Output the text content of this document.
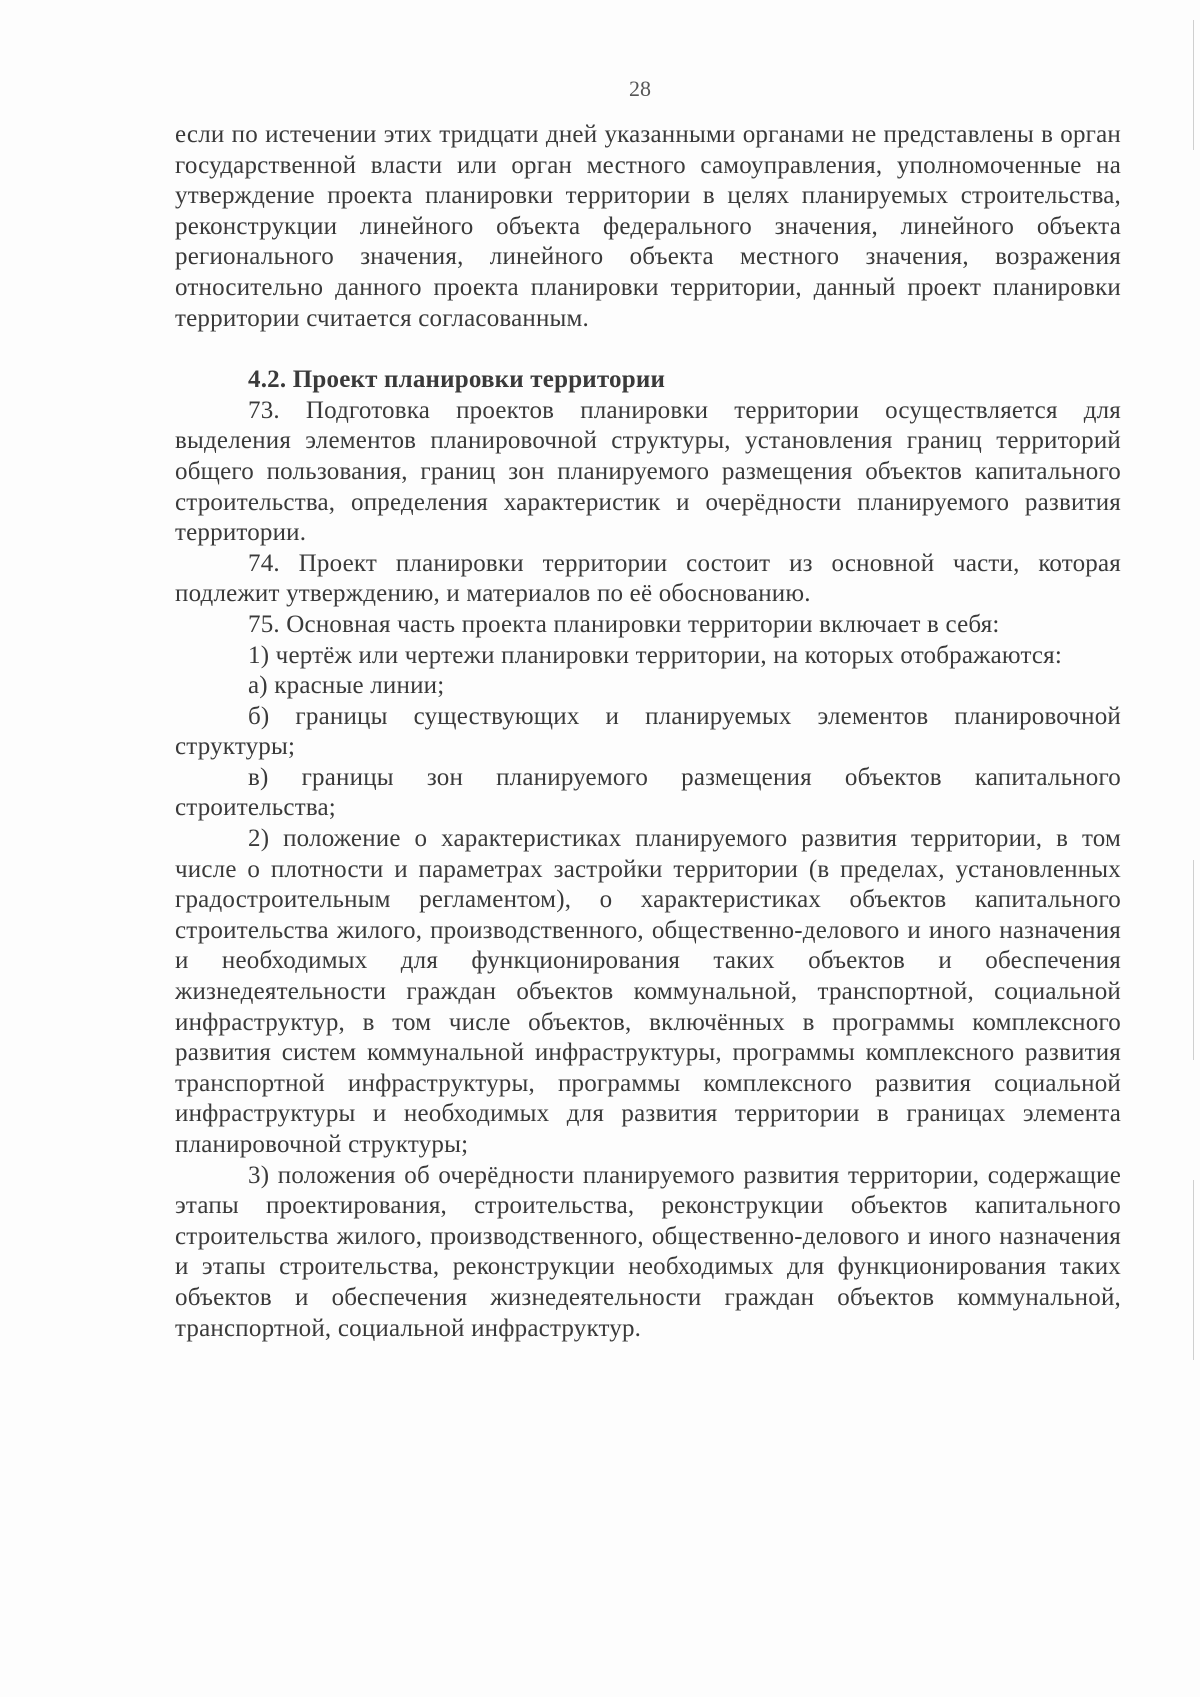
28

если по истечении этих тридцати дней указанными органами не представлены в орган государственной власти или орган местного самоуправления, уполномоченные на утверждение проекта планировки территории в целях планируемых строительства, реконструкции линейного объекта федерального значения, линейного объекта регионального значения, линейного объекта местного значения, возражения относительно данного проекта планировки территории, данный проект планировки территории считается согласованным.

4.2. Проект планировки территории

73. Подготовка проектов планировки территории осуществляется для выделения элементов планировочной структуры, установления границ территорий общего пользования, границ зон планируемого размещения объектов капитального строительства, определения характеристик и очерёдности планируемого развития территории.

74. Проект планировки территории состоит из основной части, которая подлежит утверждению, и материалов по её обоснованию.

75. Основная часть проекта планировки территории включает в себя:

1) чертёж или чертежи планировки территории, на которых отображаются:

а) красные линии;

б) границы существующих и планируемых элементов планировочной структуры;

в) границы зон планируемого размещения объектов капитального строительства;

2) положение о характеристиках планируемого развития территории, в том числе о плотности и параметрах застройки территории (в пределах, установленных градостроительным регламентом), о характеристиках объектов капитального строительства жилого, производственного, общественно-делового и иного назначения и необходимых для функционирования таких объектов и обеспечения жизнедеятельности граждан объектов коммунальной, транспортной, социальной инфраструктур, в том числе объектов, включённых в программы комплексного развития систем коммунальной инфраструктуры, программы комплексного развития транспортной инфраструктуры, программы комплексного развития социальной инфраструктуры и необходимых для развития территории в границах элемента планировочной структуры;

3) положения об очерёдности планируемого развития территории, содержащие этапы проектирования, строительства, реконструкции объектов капитального строительства жилого, производственного, общественно-делового и иного назначения и этапы строительства, реконструкции необходимых для функционирования таких объектов и обеспечения жизнедеятельности граждан объектов коммунальной, транспортной, социальной инфраструктур.
